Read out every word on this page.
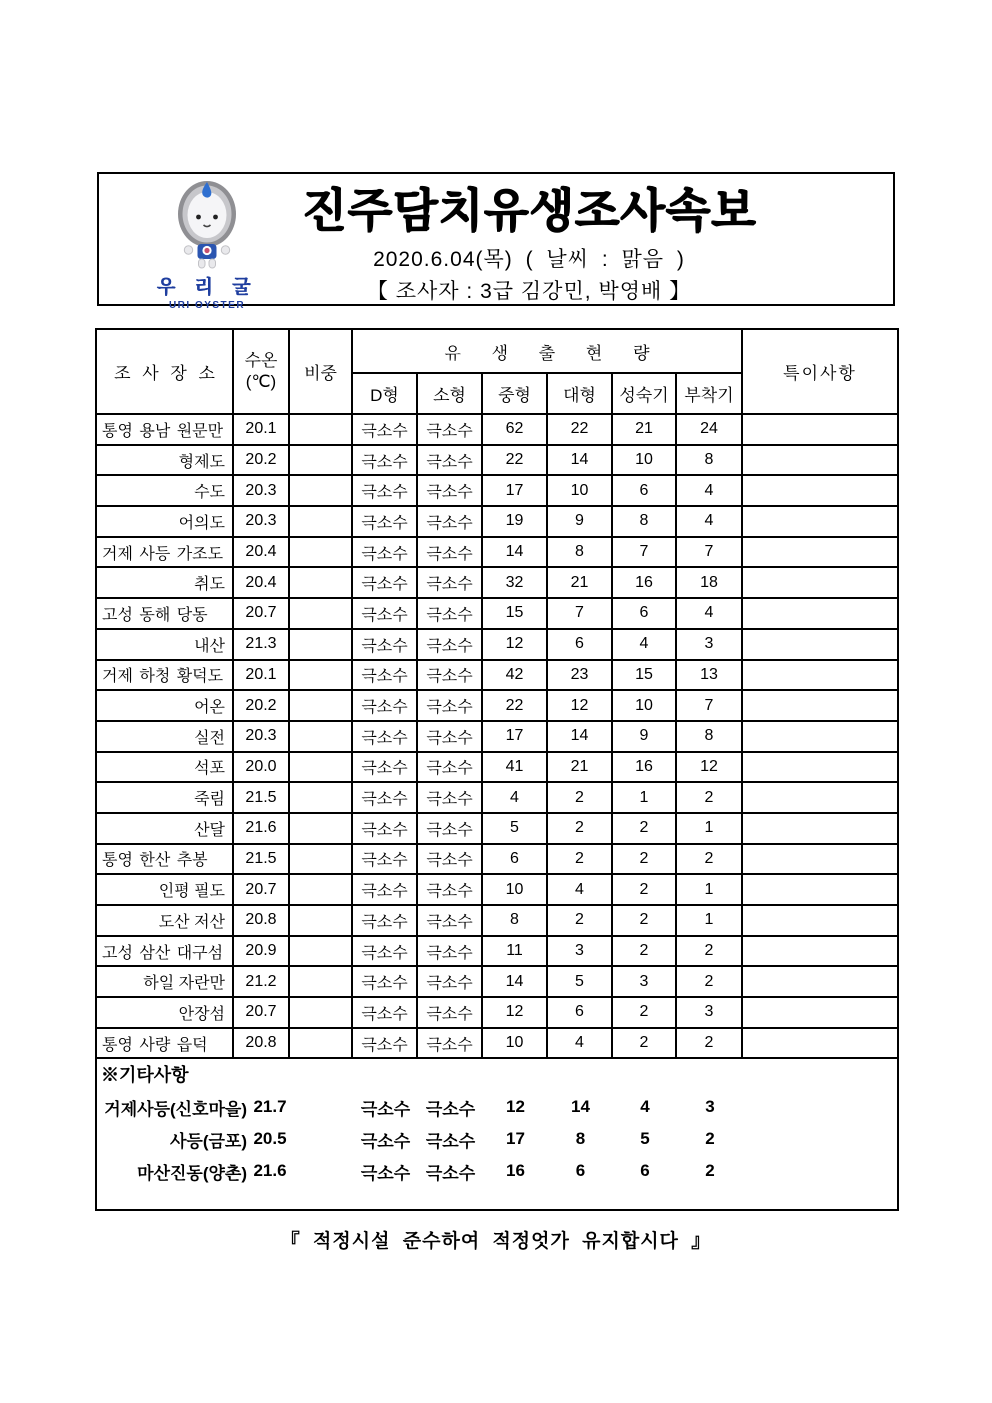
우 리 굴
URI OYSTER
진주담치유생조사속보
2020.6.04(목) ( 날씨 : 맑음 )
【 조사자 : 3급 김강민, 박영배 】
조 사 장 소	수온
(℃)	비중	유 생 출 현 량						특이사항
			D형	소형	중형	대형	성숙기	부착기	
통영 용남 원문만	20.1		극소수	극소수	62	22	21	24	
형제도	20.2		극소수	극소수	22	14	10	8	
수도	20.3		극소수	극소수	17	10	6	4	
어의도	20.3		극소수	극소수	19	9	8	4	
거제 사등 가조도	20.4		극소수	극소수	14	8	7	7	
취도	20.4		극소수	극소수	32	21	16	18	
고성 동해 당동	20.7		극소수	극소수	15	7	6	4	
내산	21.3		극소수	극소수	12	6	4	3	
거제 하청 황덕도	20.1		극소수	극소수	42	23	15	13	
어온	20.2		극소수	극소수	22	12	10	7	
실전	20.3		극소수	극소수	17	14	9	8	
석포	20.0		극소수	극소수	41	21	16	12	
죽림	21.5		극소수	극소수	4	2	1	2	
산달	21.6		극소수	극소수	5	2	2	1	
통영 한산 추봉	21.5		극소수	극소수	6	2	2	2	
인평 필도	20.7		극소수	극소수	10	4	2	1	
도산 저산	20.8		극소수	극소수	8	2	2	1	
고성 삼산 대구섬	20.9		극소수	극소수	11	3	2	2	
하일 자란만	21.2		극소수	극소수	14	5	3	2	
안장섬	20.7		극소수	극소수	12	6	2	3	
통영 사량 읍덕	20.8		극소수	극소수	10	4	2	2	

※기타사항
거제사등(신호마을) 21.7	극소수 극소수	12	14	4	3
사등(금포) 20.5	극소수 극소수	17	8	5	2
마산진동(양촌) 21.6	극소수 극소수	16	6	6	2
『 적정시설 준수하여 적정엇가 유지합시다 』
